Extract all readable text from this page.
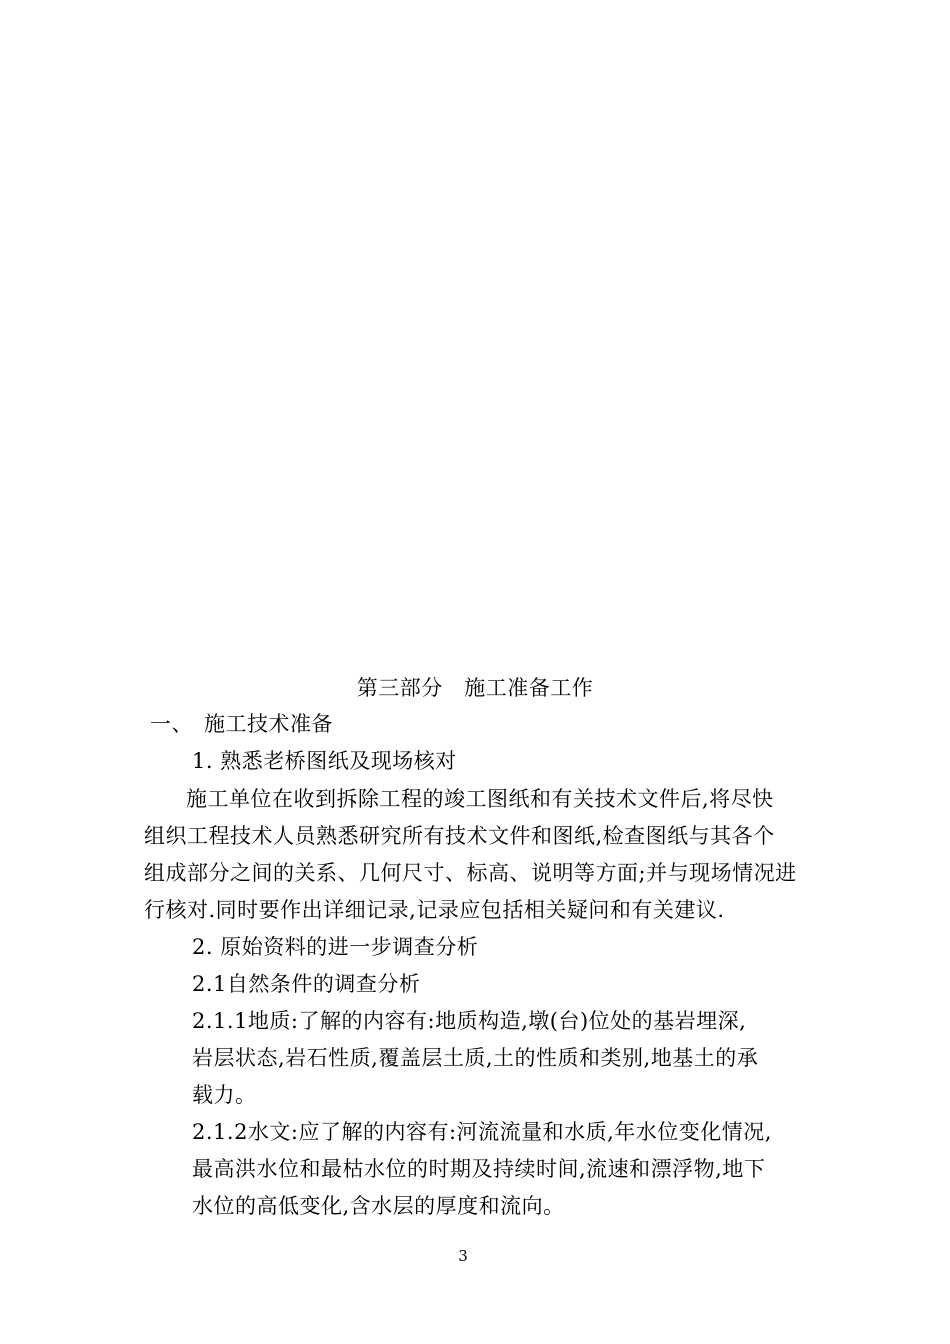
第三部分　施工准备工作
一、　施工技术准备
1. 熟悉老桥图纸及现场核对
施工单位在收到拆除工程的竣工图纸和有关技术文件后,将尽快
组织工程技术人员熟悉研究所有技术文件和图纸,检查图纸与其各个
组成部分之间的关系、几何尺寸、标高、说明等方面;并与现场情况进
行核对.同时要作出详细记录,记录应包括相关疑问和有关建议.
2. 原始资料的进一步调查分析
2.1自然条件的调查分析
2.1.1地质:了解的内容有:地质构造,墩(台)位处的基岩埋深,
岩层状态,岩石性质,覆盖层土质,土的性质和类别,地基土的承
载力。
2.1.2水文:应了解的内容有:河流流量和水质,年水位变化情况,
最高洪水位和最枯水位的时期及持续时间,流速和漂浮物,地下
水位的高低变化,含水层的厚度和流向。
3
